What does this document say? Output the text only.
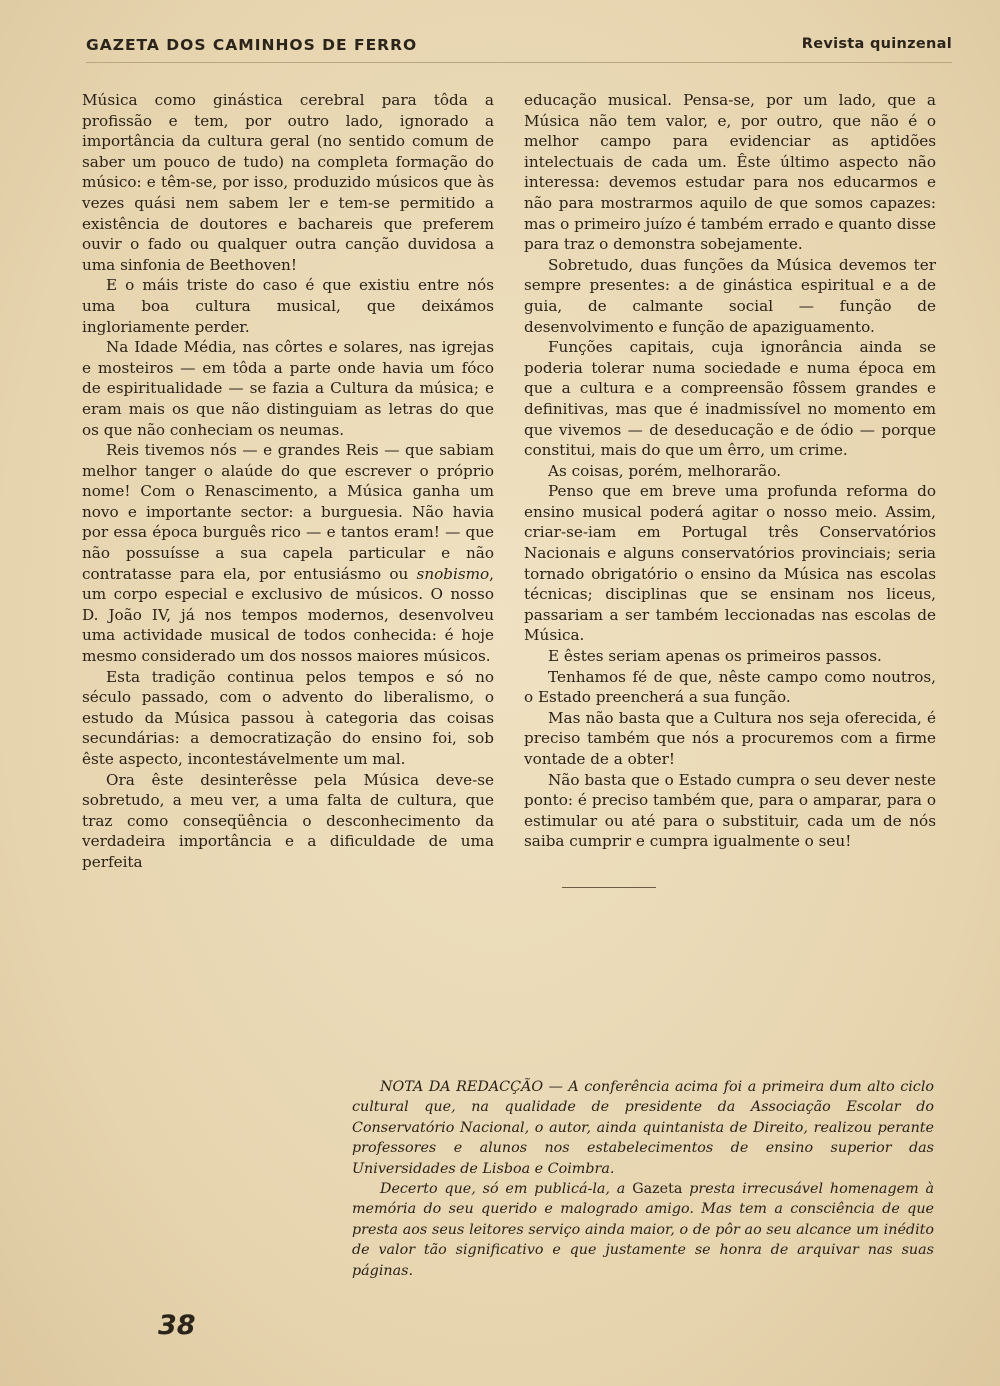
GAZETA DOS CAMINHOS DE FERRO	Revista quinzenal

Música como ginástica cerebral para tôda a profissão e tem, por outro lado, ignorado a importância da cultura geral (no sentido comum de saber um pouco de tudo) na completa formação do músico: e têm-se, por isso, produzido músicos que às vezes quási nem sabem ler e tem-se permitido a existência de doutores e bachareis que preferem ouvir o fado ou qualquer outra canção duvidosa a uma sinfonia de Beethoven!

E o máis triste do caso é que existiu entre nós uma boa cultura musical, que deixámos ingloriamente perder.

Na Idade Média, nas côrtes e solares, nas igrejas e mosteiros — em tôda a parte onde havia um fóco de espiritualidade — se fazia a Cultura da música; e eram mais os que não distinguiam as letras do que os que não conheciam os neumas.

Reis tivemos nós — e grandes Reis — que sabiam melhor tanger o alaúde do que escrever o próprio nome! Com o Renascimento, a Música ganha um novo e importante sector: a burguesia. Não havia por essa época burguês rico — e tantos eram! — que não possuísse a sua capela particular e não contratasse para ela, por entusiásmo ou snobismo, um corpo especial e exclusivo de músicos. O nosso D. João IV, já nos tempos modernos, desenvolveu uma actividade musical de todos conhecida: é hoje mesmo considerado um dos nossos maiores músicos.

Esta tradição continua pelos tempos e só no século passado, com o advento do liberalismo, o estudo da Música passou à categoria das coisas secundárias: a democratização do ensino foi, sob êste aspecto, incontestávelmente um mal.

Ora êste desinterêsse pela Música deve-se sobretudo, a meu ver, a uma falta de cultura, que traz como conseqüência o desconhecimento da verdadeira importância e a dificuldade de uma perfeita

educação musical. Pensa-se, por um lado, que a Música não tem valor, e, por outro, que não é o melhor campo para evidenciar as aptidões intelectuais de cada um. Êste último aspecto não interessa: devemos estudar para nos educarmos e não para mostrarmos aquilo de que somos capazes: mas o primeiro juízo é também errado e quanto disse para traz o demonstra sobejamente.

Sobretudo, duas funções da Música devemos ter sempre presentes: a de ginástica espiritual e a de guia, de calmante social — função de desenvolvimento e função de apaziguamento.

Funções capitais, cuja ignorância ainda se poderia tolerar numa sociedade e numa época em que a cultura e a compreensão fôssem grandes e definitivas, mas que é inadmissível no momento em que vivemos — de deseducação e de ódio — porque constitui, mais do que um êrro, um crime.

As coisas, porém, melhorarão.

Penso que em breve uma profunda reforma do ensino musical poderá agitar o nosso meio. Assim, criar-se-iam em Portugal três Conservatórios Nacionais e alguns conservatórios provinciais; seria tornado obrigatório o ensino da Música nas escolas técnicas; disciplinas que se ensinam nos liceus, passariam a ser também leccionadas nas escolas de Música.

E êstes seriam apenas os primeiros passos.

Tenhamos fé de que, nêste campo como noutros, o Estado preencherá a sua função.

Mas não basta que a Cultura nos seja oferecida, é preciso também que nós a procuremos com a firme vontade de a obter!

Não basta que o Estado cumpra o seu dever neste ponto: é preciso também que, para o amparar, para o estimular ou até para o substituir, cada um de nós saiba cumprir e cumpra igualmente o seu!

NOTA DA REDACÇÃO — A conferência acima foi a primeira dum alto ciclo cultural que, na qualidade de presidente da Associação Escolar do Conservatório Nacional, o autor, ainda quintanista de Direito, realizou perante professores e alunos nos estabelecimentos de ensino superior das Universidades de Lisboa e Coimbra.

Decerto que, só em publicá-la, a Gazeta presta irrecusável homenagem à memória do seu querido e malogrado amigo. Mas tem a consciência de que presta aos seus leitores serviço ainda maior, o de pôr ao seu alcance um inédito de valor tão significativo e que justamente se honra de arquivar nas suas páginas.

38
